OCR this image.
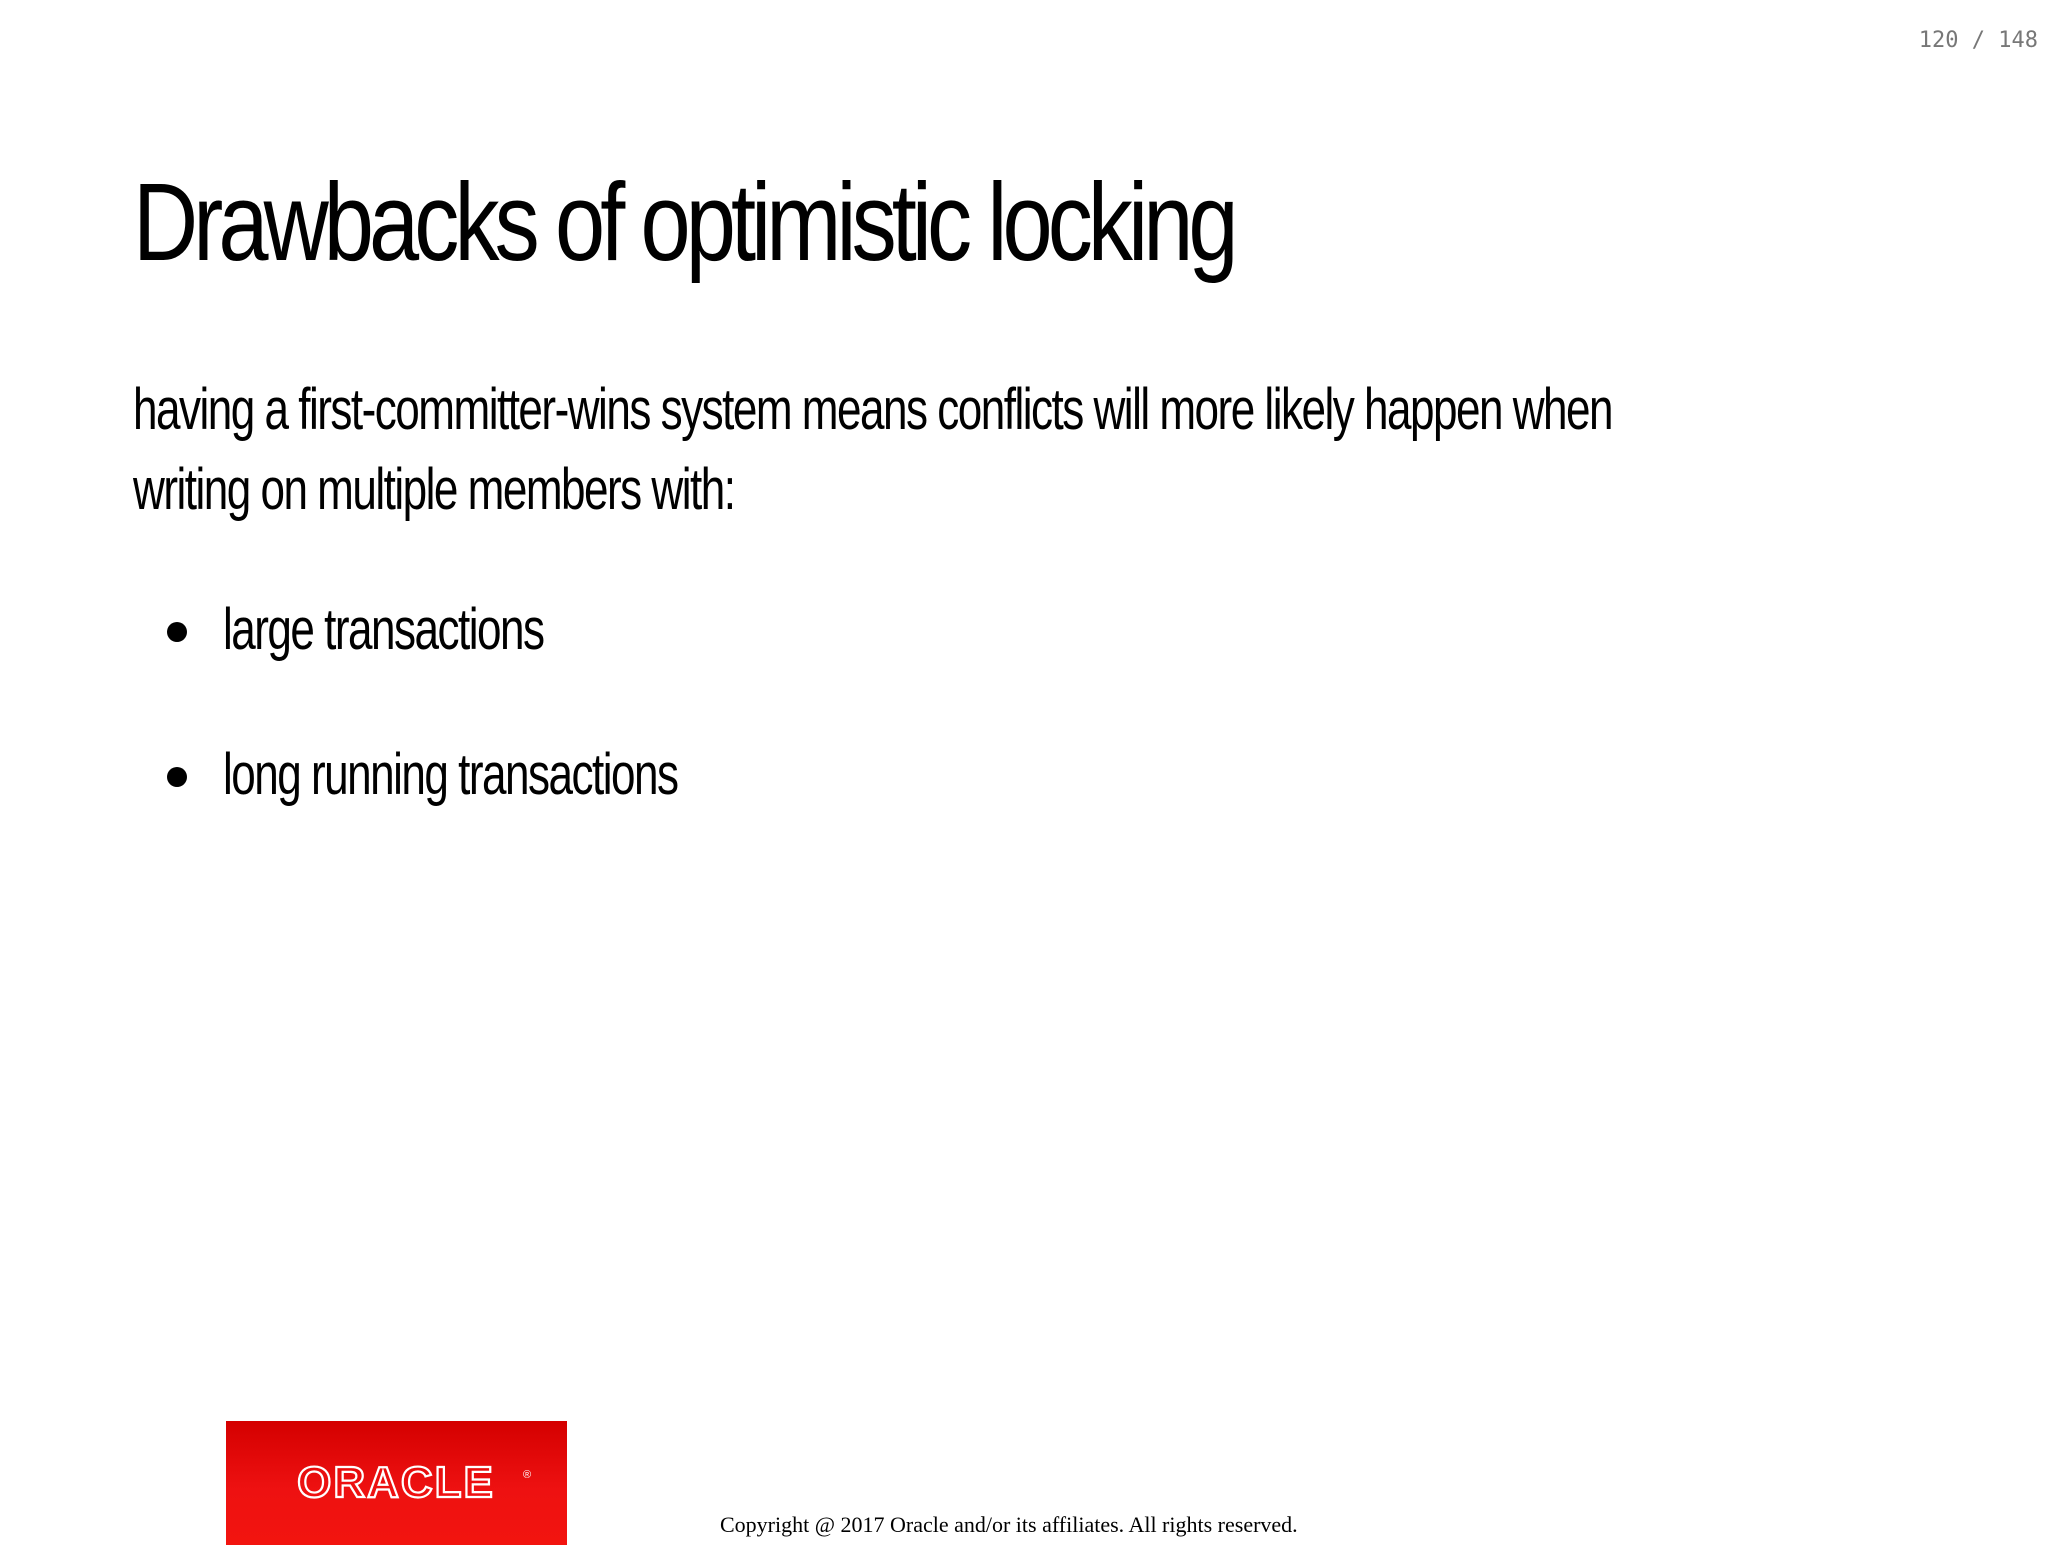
120 / 148
Drawbacks of optimistic locking

having a first-committer-wins system means conflicts will more likely happen when writing on multiple members with:

large transactions
long running transactions
ORACLE	®
Copyright @ 2017 Oracle and/or its affiliates. All rights reserved.
